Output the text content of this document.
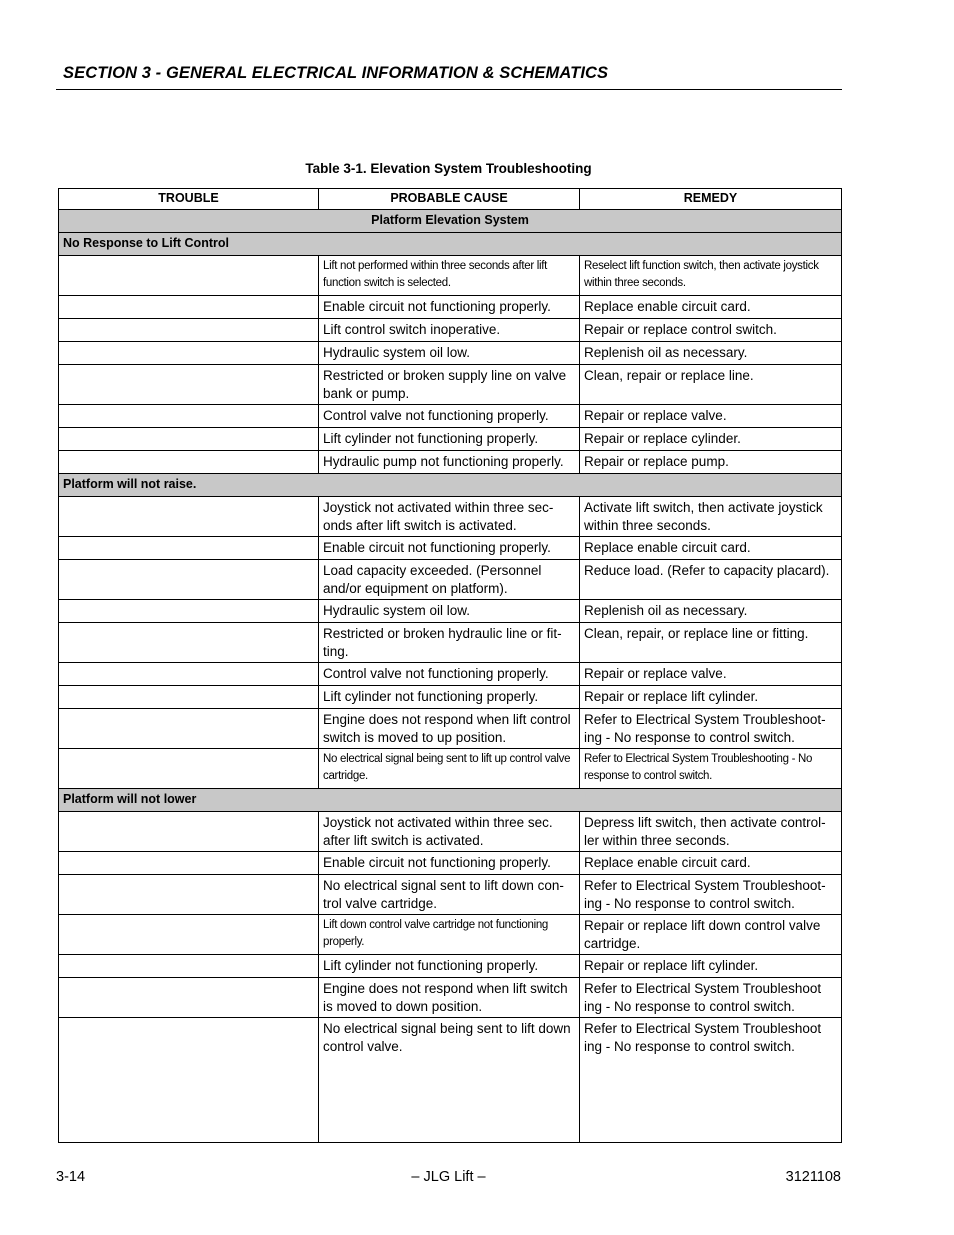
SECTION 3 - GENERAL ELECTRICAL INFORMATION & SCHEMATICS
Table 3-1. Elevation System Troubleshooting
TROUBLE	PROBABLE CAUSE	REMEDY
Platform Elevation System		
No Response to Lift Control		
	Lift not performed within three seconds after lift function switch is selected.	Reselect lift function switch, then activate joystick within three seconds.
	Enable circuit not functioning properly.	Replace enable circuit card.
	Lift control switch inoperative.	Repair or replace control switch.
	Hydraulic system oil low.	Replenish oil as necessary.
	Restricted or broken supply line on valve bank or pump.	Clean, repair or replace line.
	Control valve not functioning properly.	Repair or replace valve.
	Lift cylinder not functioning properly.	Repair or replace cylinder.
	Hydraulic pump not functioning properly.	Repair or replace pump.
Platform will not raise.		
	Joystick not activated within three sec-onds after lift switch is activated.	Activate lift switch, then activate joystick within three seconds.
	Enable circuit not functioning properly.	Replace enable circuit card.
	Load capacity exceeded. (Personnel and/or equipment on platform).	Reduce load. (Refer to capacity placard).
	Hydraulic system oil low.	Replenish oil as necessary.
	Restricted or broken hydraulic line or fit-ting.	Clean, repair, or replace line or fitting.
	Control valve not functioning properly.	Repair or replace valve.
	Lift cylinder not functioning properly.	Repair or replace lift cylinder.
	Engine does not respond when lift control switch is moved to up position.	Refer to Electrical System Troubleshoot-ing - No response to control switch.
	No electrical signal being sent to lift up control valve cartridge.	Refer to Electrical System Troubleshooting - No response to control switch.
Platform will not lower		
	Joystick not activated within three sec. after lift switch is activated.	Depress lift switch, then activate control-ler within three seconds.
	Enable circuit not functioning properly.	Replace enable circuit card.
	No electrical signal sent to lift down con-trol valve cartridge.	Refer to Electrical System Troubleshoot-ing - No response to control switch.
	Lift down control valve cartridge not functioning properly.	Repair or replace lift down control valve cartridge.
	Lift cylinder not functioning properly.	Repair or replace lift cylinder.
	Engine does not respond when lift switch is moved to down position.	Refer to Electrical System Troubleshoot ing - No response to control switch.
	No electrical signal being sent to lift down control valve.	Refer to Electrical System Troubleshoot ing - No response to control switch.
3-14	– JLG Lift –	3121108
